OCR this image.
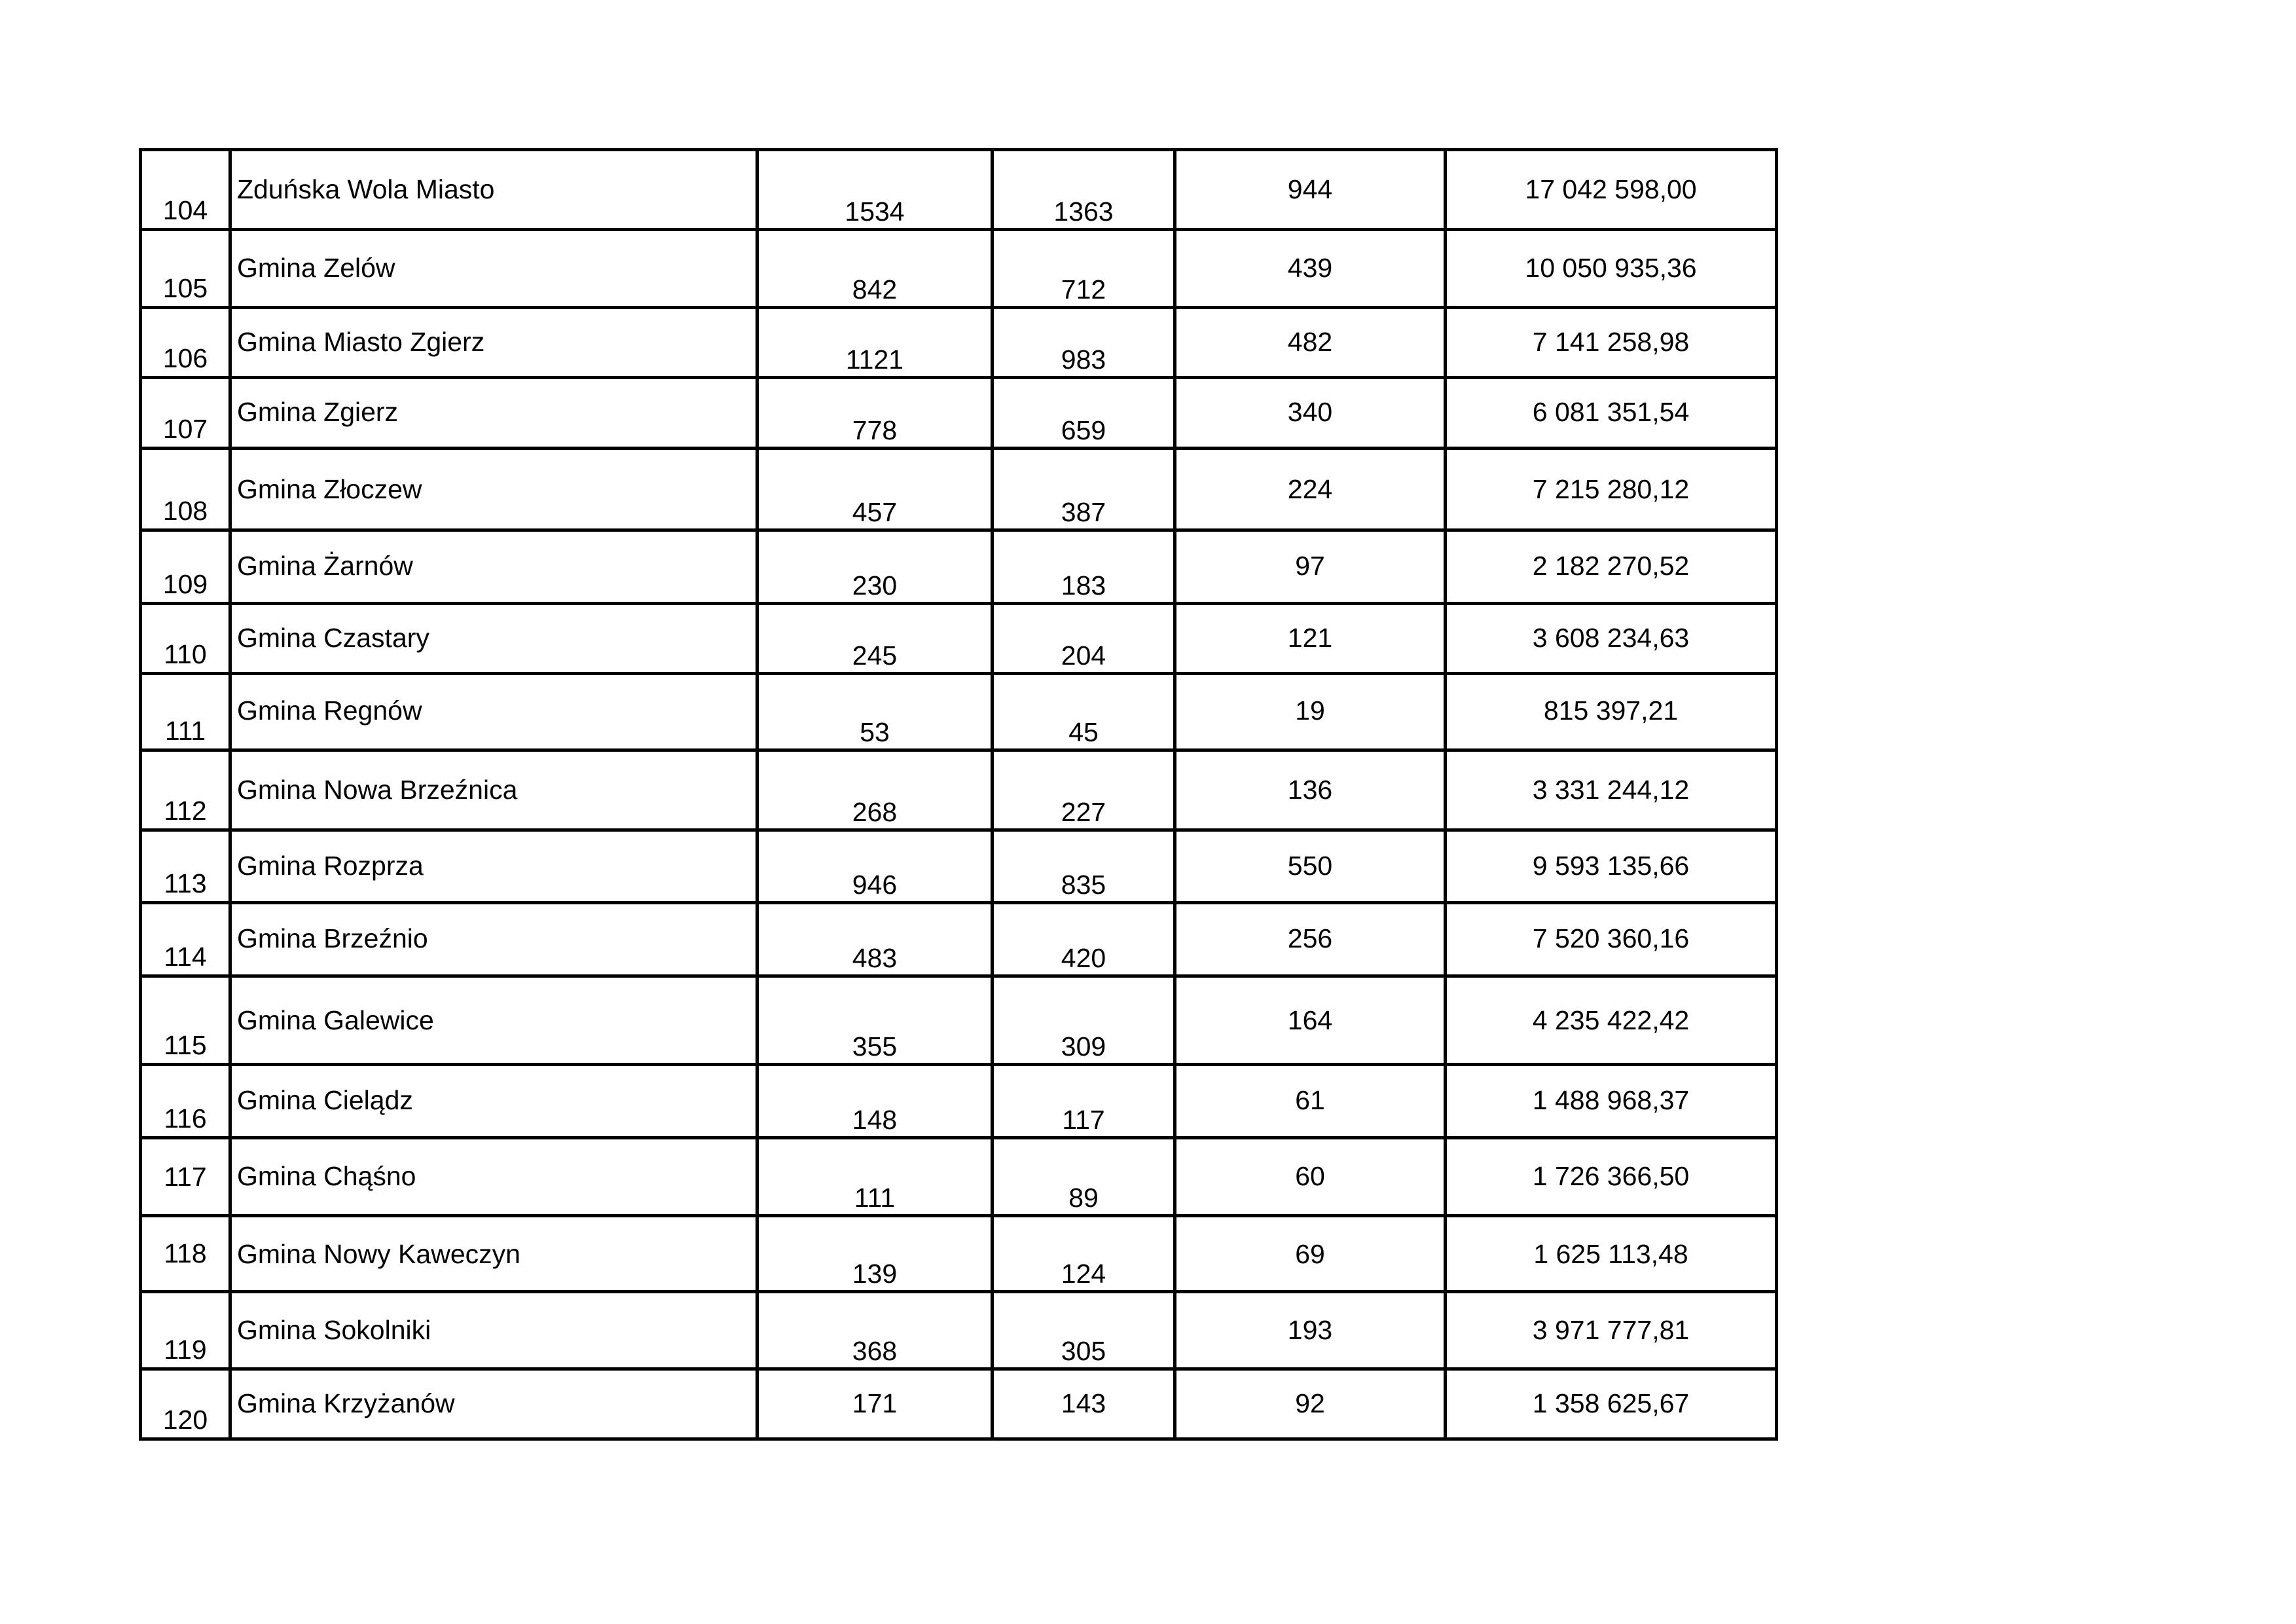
104	Zduńska Wola Miasto	1534	1363	944	17 042 598,00
105	Gmina Zelów	842	712	439	10 050 935,36
106	Gmina Miasto Zgierz	1121	983	482	7 141 258,98
107	Gmina Zgierz	778	659	340	6 081 351,54
108	Gmina Złoczew	457	387	224	7 215 280,12
109	Gmina Żarnów	230	183	97	2 182 270,52
110	Gmina Czastary	245	204	121	3 608 234,63
111	Gmina Regnów	53	45	19	815 397,21
112	Gmina Nowa Brzeźnica	268	227	136	3 331 244,12
113	Gmina Rozprza	946	835	550	9 593 135,66
114	Gmina Brzeźnio	483	420	256	7 520 360,16
115	Gmina Galewice	355	309	164	4 235 422,42
116	Gmina Cielądz	148	117	61	1 488 968,37
117	Gmina Chąśno	111	89	60	1 726 366,50
118	Gmina Nowy Kaweczyn	139	124	69	1 625 113,48
119	Gmina Sokolniki	368	305	193	3 971 777,81
120	Gmina Krzyżanów	171	143	92	1 358 625,67
